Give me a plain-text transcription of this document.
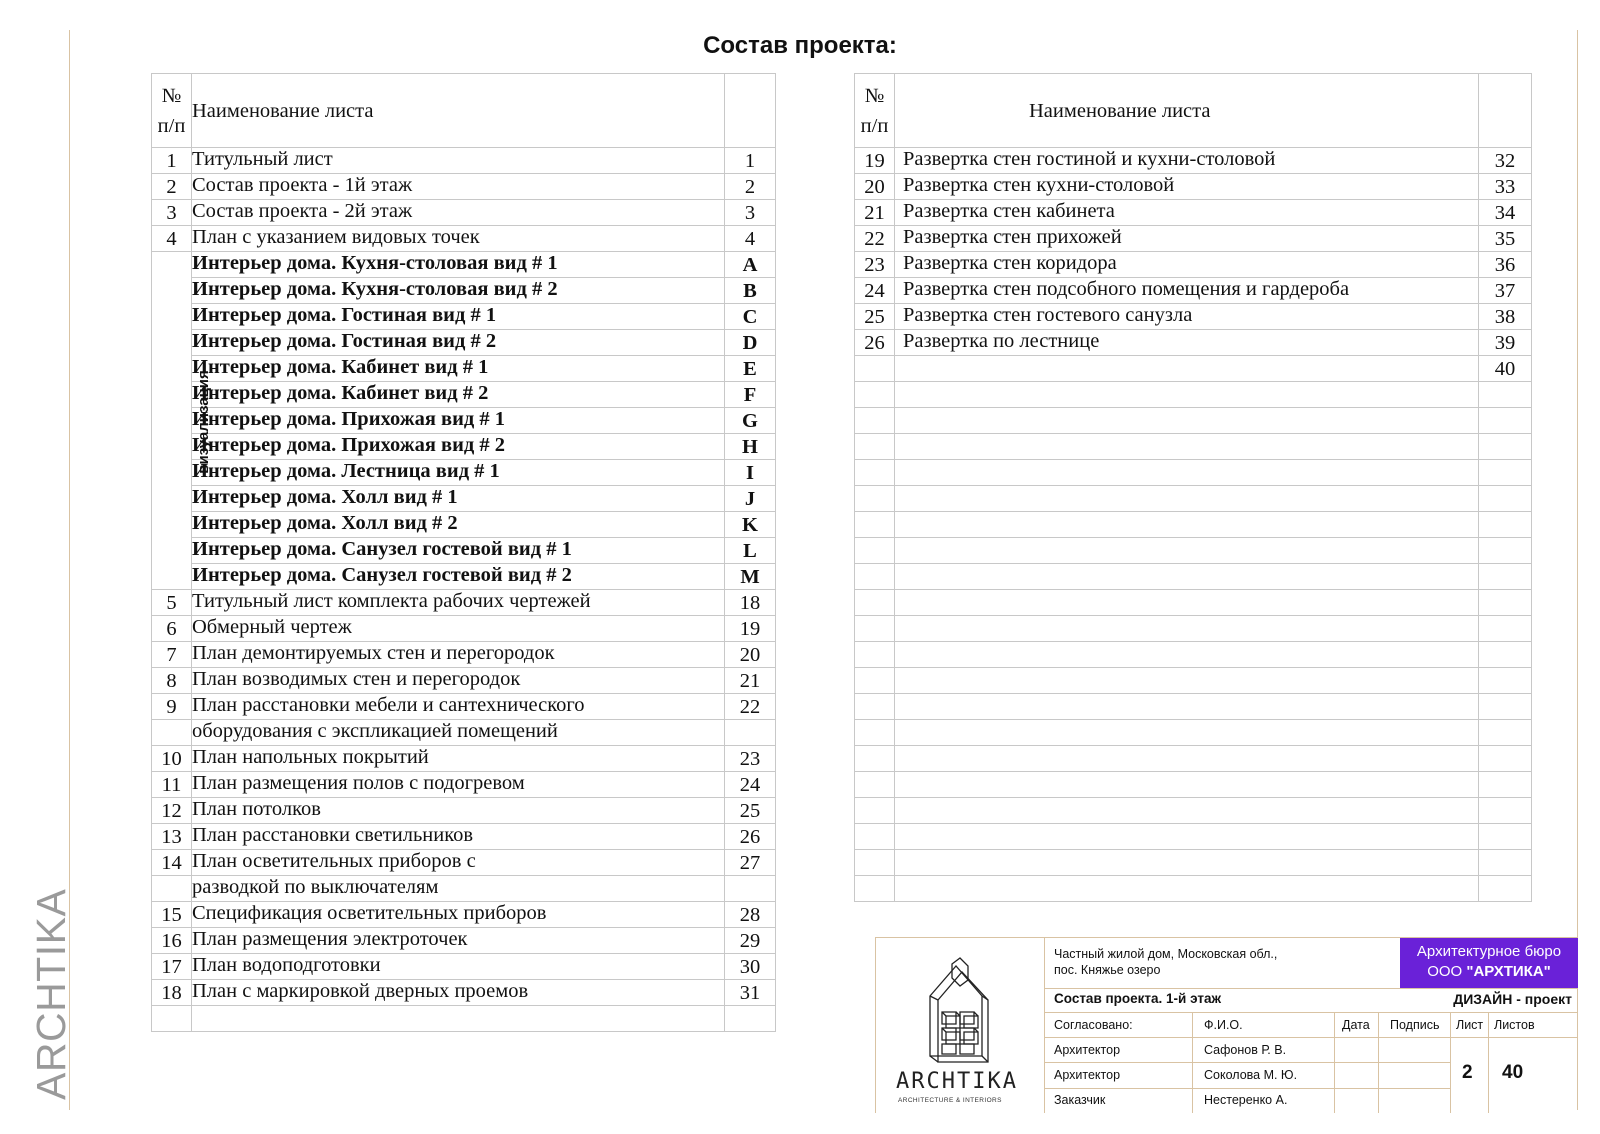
ARCHTIKA
Состав проекта:
№ п/п	Наименование листа	
1	Титульный лист	1
2	Состав проекта - 1й этаж	2
3	Состав проекта - 2й этаж	3
4	План с указанием видовых точек	4
визуализация	Интерьер дома. Кухня-столовая вид # 1	A
	Интерьер дома. Кухня-столовая вид # 2	B
	Интерьер дома. Гостиная вид # 1	C
	Интерьер дома. Гостиная вид # 2	D
	Интерьер дома. Кабинет вид # 1	E
	Интерьер дома. Кабинет вид # 2	F
	Интерьер дома. Прихожая вид # 1	G
	Интерьер дома. Прихожая вид # 2	H
	Интерьер дома. Лестница вид # 1	I
	Интерьер дома. Холл вид # 1	J
	Интерьер дома. Холл вид # 2	K
	Интерьер дома. Санузел гостевой вид # 1	L
	Интерьер дома. Санузел гостевой вид # 2	M
5	Титульный лист комплекта рабочих чертежей	18
6	Обмерный чертеж	19
7	План демонтируемых стен и перегородок	20
8	План возводимых стен и перегородок	21
9	План расстановки мебели и сантехнического	22
	оборудования с экспликацией помещений	
10	План напольных покрытий	23
11	План размещения полов с подогревом	24
12	План потолков	25
13	План расстановки светильников	26
14	План осветительных приборов с	27
	разводкой по выключателям	
15	Спецификация осветительных приборов	28
16	План размещения электроточек	29
17	План водоподготовки	30
18	План с маркировкой дверных проемов	31

№ п/п	Наименование листа	
19	Развертка стен гостиной и кухни-столовой	32
20	Развертка стен кухни-столовой	33
21	Развертка стен кабинета	34
22	Развертка стен прихожей	35
23	Развертка стен коридора	36
24	Развертка стен подсобного помещения и гардероба	37
25	Развертка стен гостевого санузла	38
26	Развертка по лестнице	39
		40

ARCHTIKA
ARCHITECTURE & INTERIORS
Частный жилой дом, Московская обл.,
пос. Княжье озеро
Архитектурное бюро
ООО "АРХТИКА"
Состав проекта. 1-й этаж	ДИЗАЙН - проект
Согласовано:	Ф.И.О.	Дата Подпись Лист Листов
Архитектор	Сафонов Р. В.
Архитектор	Соколова М. Ю.
Заказчик	Нестеренко А.
2 40
